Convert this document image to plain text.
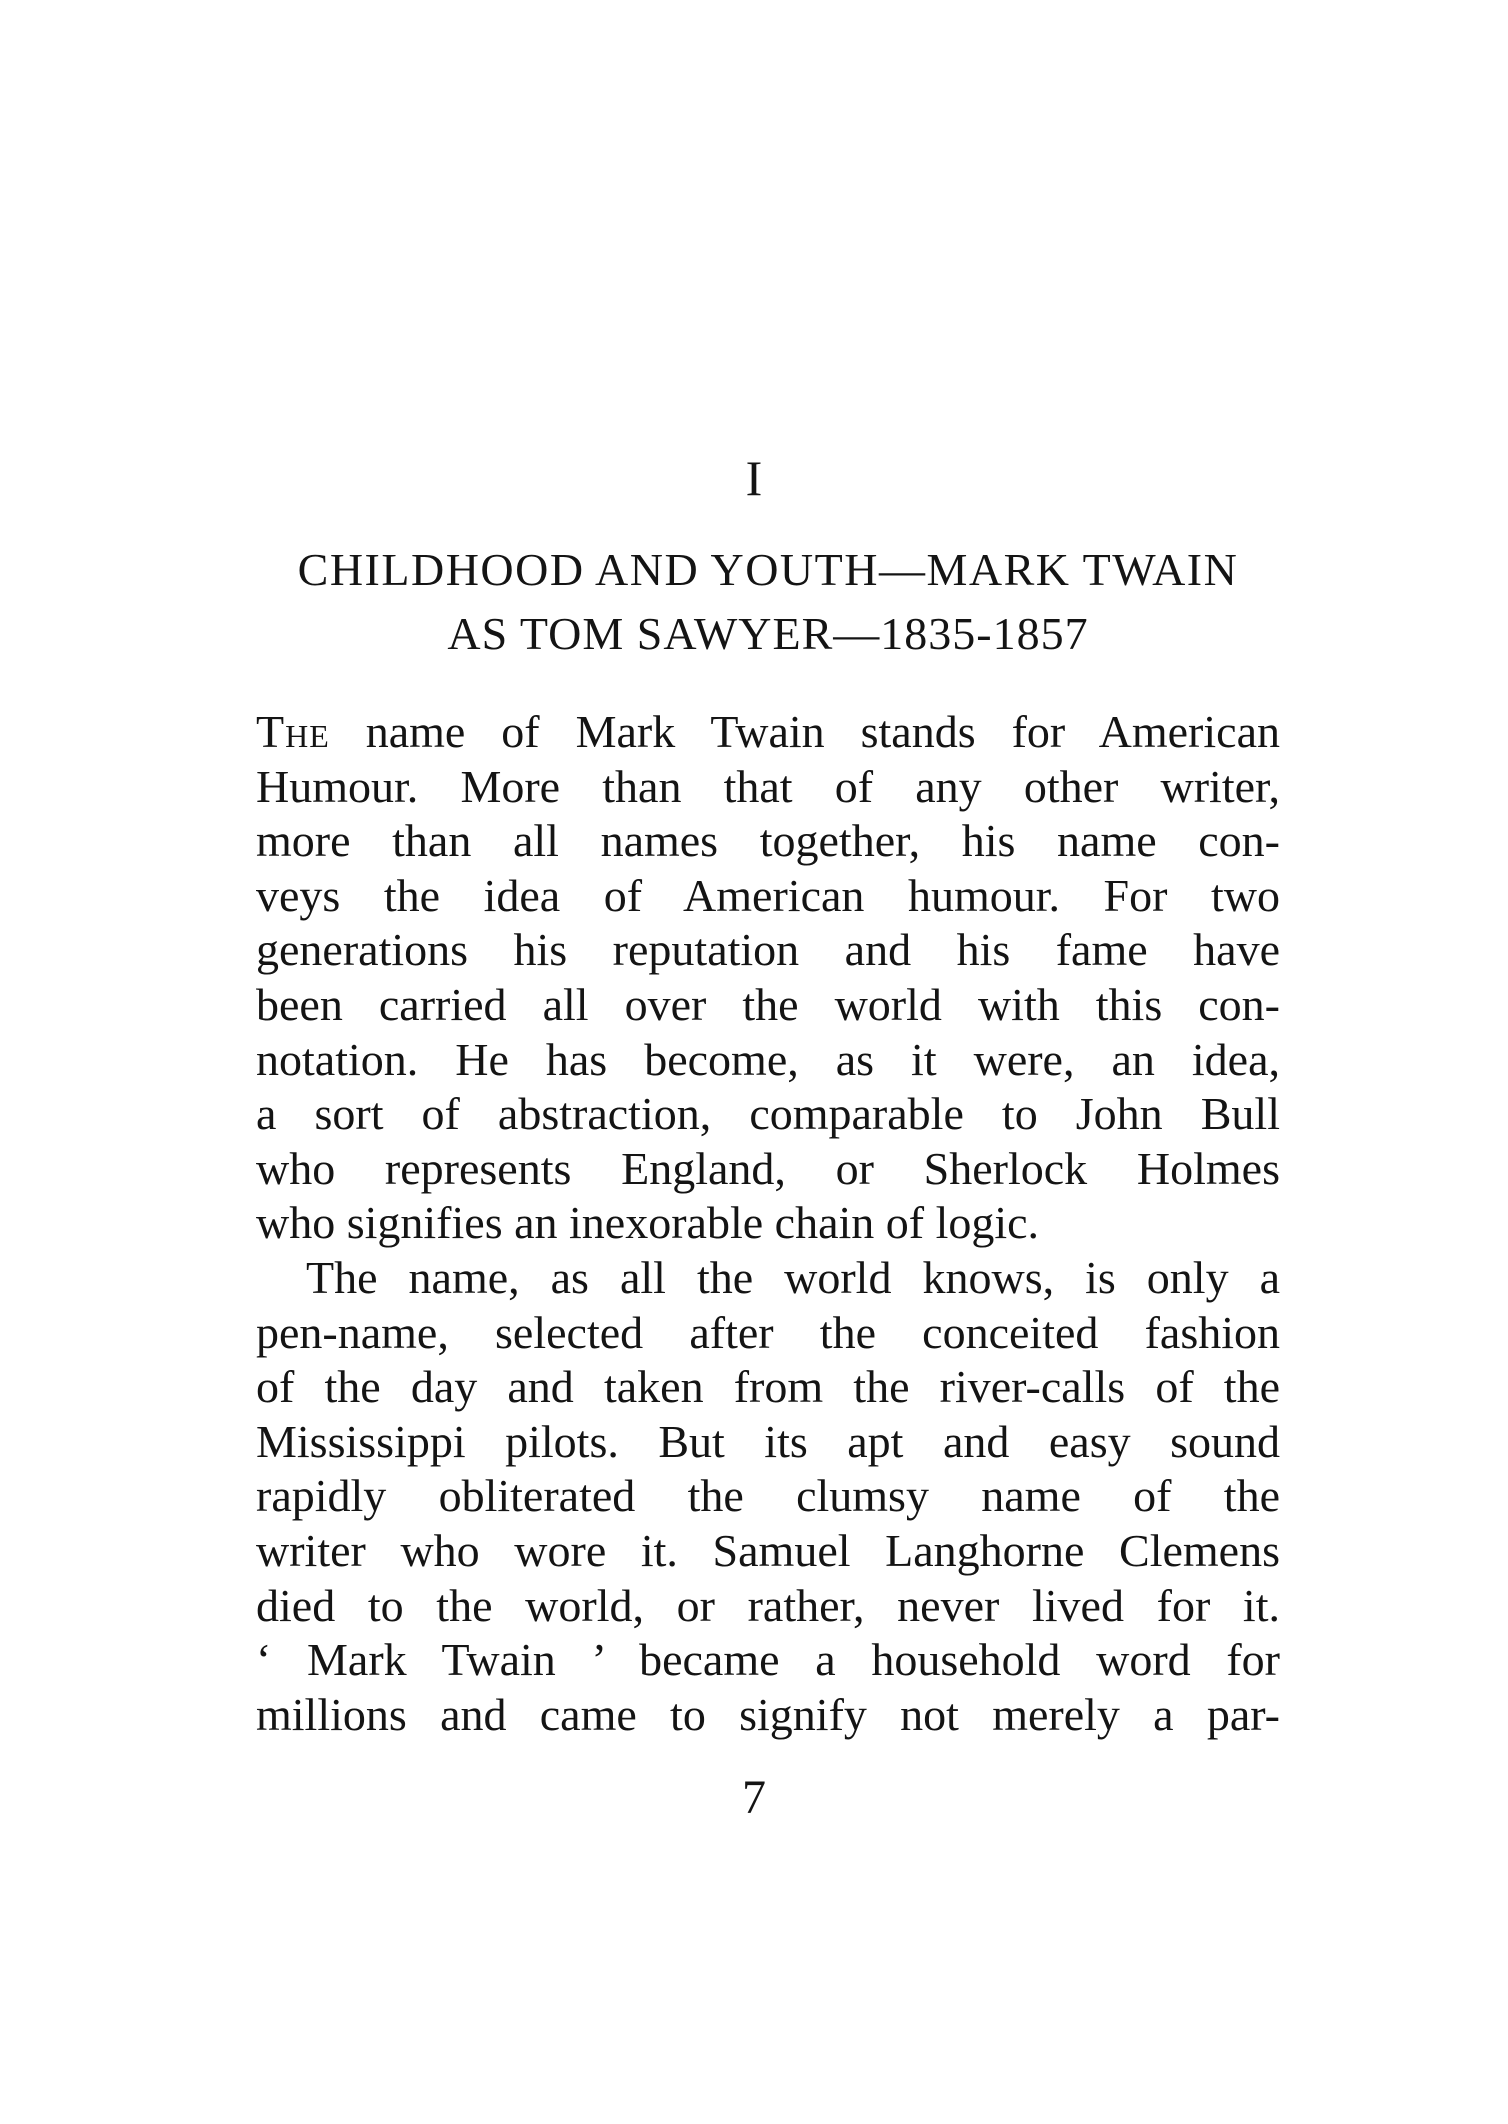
I
CHILDHOOD AND YOUTH—MARK TWAIN
AS TOM SAWYER—1835-1857
The name of Mark Twain stands for American
Humour. More than that of any other writer,
more than all names together, his name con-
veys the idea of American humour. For two
generations his reputation and his fame have
been carried all over the world with this con-
notation. He has become, as it were, an idea,
a sort of abstraction, comparable to John Bull
who represents England, or Sherlock Holmes
who signifies an inexorable chain of logic.
The name, as all the world knows, is only a
pen-name, selected after the conceited fashion
of the day and taken from the river-calls of the
Mississippi pilots. But its apt and easy sound
rapidly obliterated the clumsy name of the
writer who wore it. Samuel Langhorne Clemens
died to the world, or rather, never lived for it.
‘ Mark Twain ’ became a household word for
millions and came to signify not merely a par-
7
